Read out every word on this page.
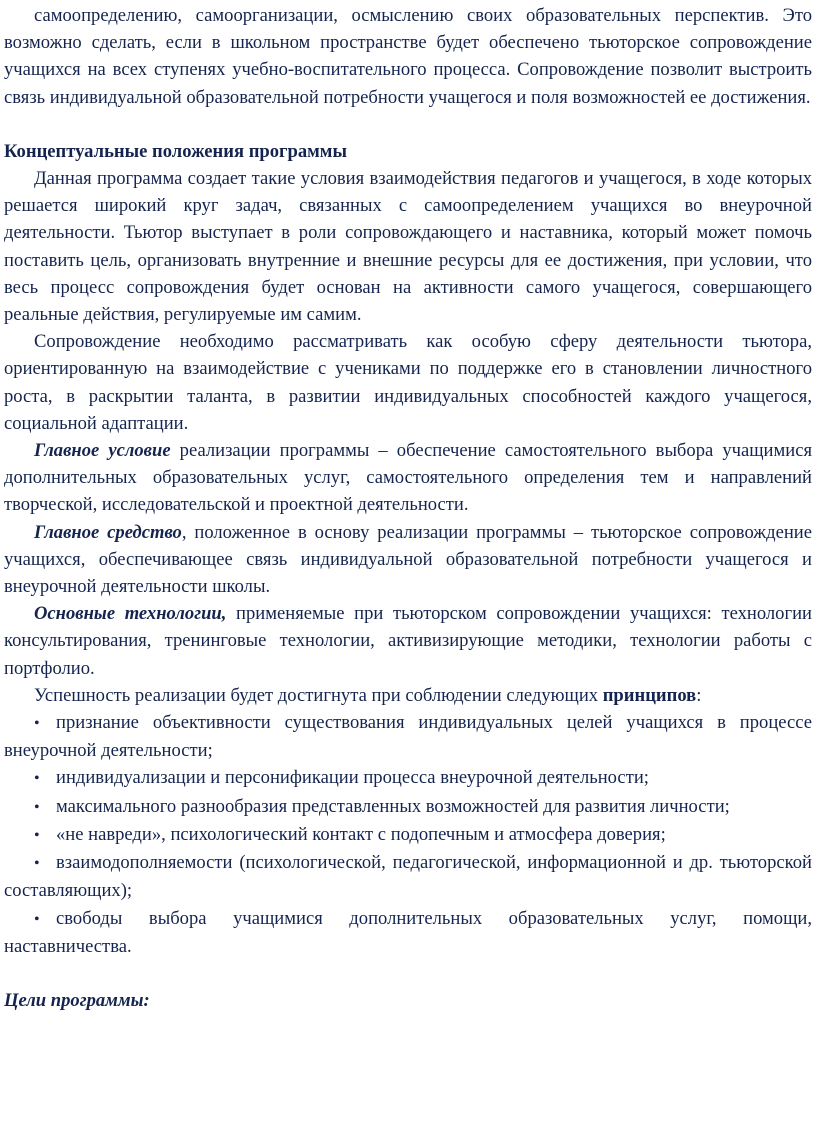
самоопределению, самоорганизации, осмыслению своих образовательных перспектив. Это возможно сделать, если в школьном пространстве будет обеспечено тьюторское сопровождение учащихся на всех ступенях учебно-воспитательного процесса. Сопровождение позволит выстроить связь индивидуальной образовательной потребности учащегося и поля возможностей ее достижения.

Концептуальные положения программы

Данная программа создает такие условия взаимодействия педагогов и учащегося, в ходе которых решается широкий круг задач, связанных с самоопределением учащихся во внеурочной деятельности. Тьютор выступает в роли сопровождающего и наставника, который может помочь поставить цель, организовать внутренние и внешние ресурсы для ее достижения, при условии, что весь процесс сопровождения будет основан на активности самого учащегося, совершающего реальные действия, регулируемые им самим.

Сопровождение необходимо рассматривать как особую сферу деятельности тьютора, ориентированную на взаимодействие с учениками по поддержке его в становлении личностного роста, в раскрытии таланта, в развитии индивидуальных способностей каждого учащегося, социальной адаптации.

Главное условие реализации программы – обеспечение самостоятельного выбора учащимися дополнительных образовательных услуг, самостоятельного определения тем и направлений творческой, исследовательской и проектной деятельности.

Главное средство, положенное в основу реализации программы – тьюторское сопровождение учащихся, обеспечивающее связь индивидуальной образовательной потребности учащегося и внеурочной деятельности школы.

Основные технологии, применяемые при тьюторском сопровождении учащихся: технологии консультирования, тренинговые технологии, активизирующие методики, технологии работы с портфолио.

Успешность реализации будет достигнута при соблюдении следующих принципов:

• признание объективности существования индивидуальных целей учащихся в процессе внеурочной деятельности;

• индивидуализации и персонификации процесса внеурочной деятельности;

• максимального разнообразия представленных возможностей для развития личности;

• «не навреди», психологический контакт с подопечным и атмосфера доверия;

• взаимодополняемости (психологической, педагогической, информационной и др. тьюторской составляющих);

• свободы выбора учащимися дополнительных образовательных услуг, помощи, наставничества.

Цели программы:
